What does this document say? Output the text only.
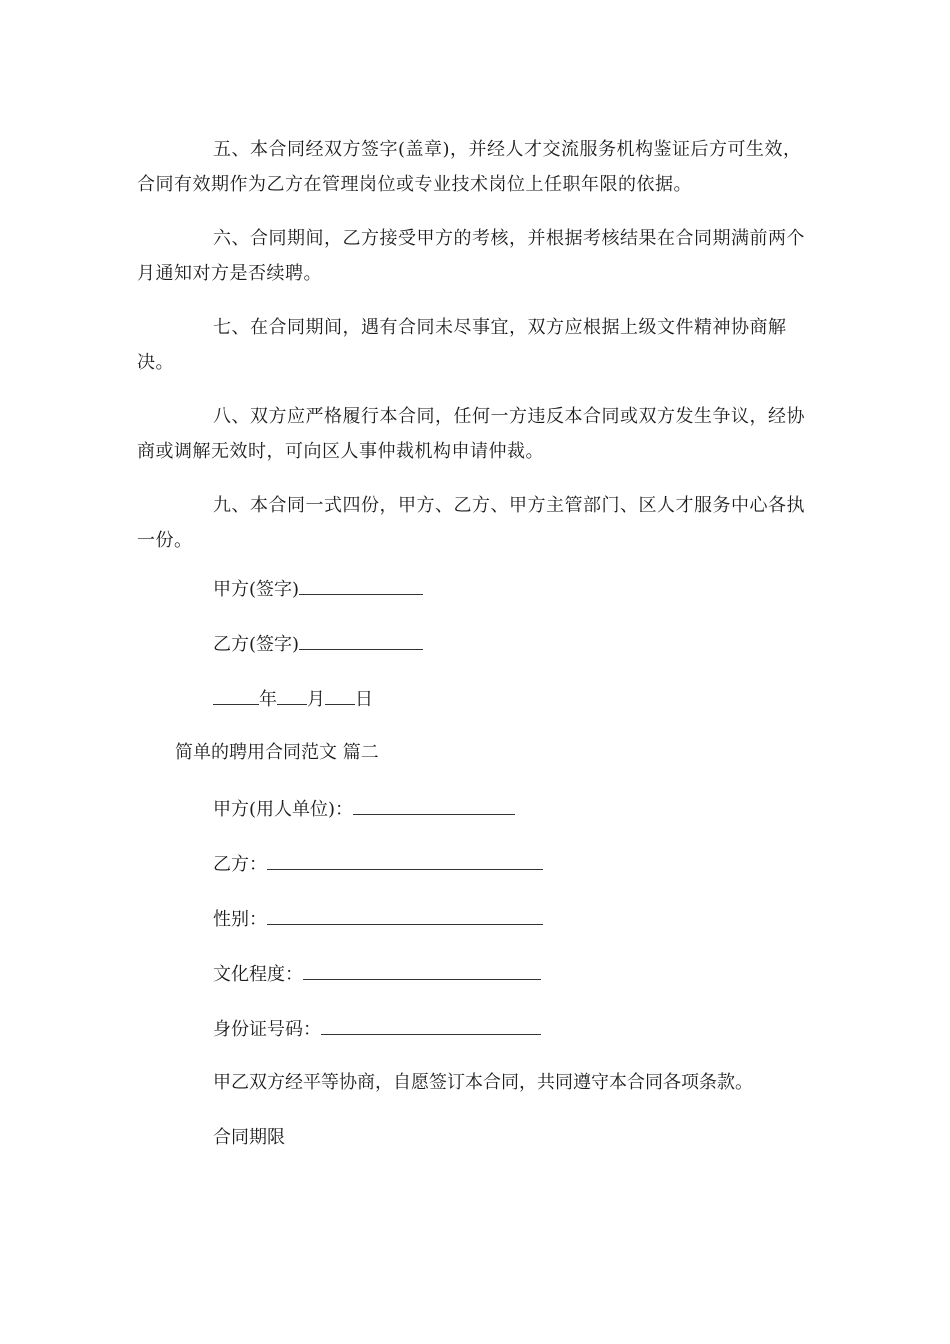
五、本合同经双方签字(盖章)，并经人才交流服务机构鉴证后方可生效，合同有效期作为乙方在管理岗位或专业技术岗位上任职年限的依据。

六、合同期间，乙方接受甲方的考核，并根据考核结果在合同期满前两个月通知对方是否续聘。

七、在合同期间，遇有合同未尽事宜，双方应根据上级文件精神协商解决。

八、双方应严格履行本合同，任何一方违反本合同或双方发生争议，经协商或调解无效时，可向区人事仲裁机构申请仲裁。

九、本合同一式四份，甲方、乙方、甲方主管部门、区人才服务中心各执一份。

甲方(签字)
乙方(签字)
年 月 日
简单的聘用合同范文 篇二
甲方(用人单位)：
乙方：
性别：
文化程度：
身份证号码：
甲乙双方经平等协商，自愿签订本合同，共同遵守本合同各项条款。
合同期限
